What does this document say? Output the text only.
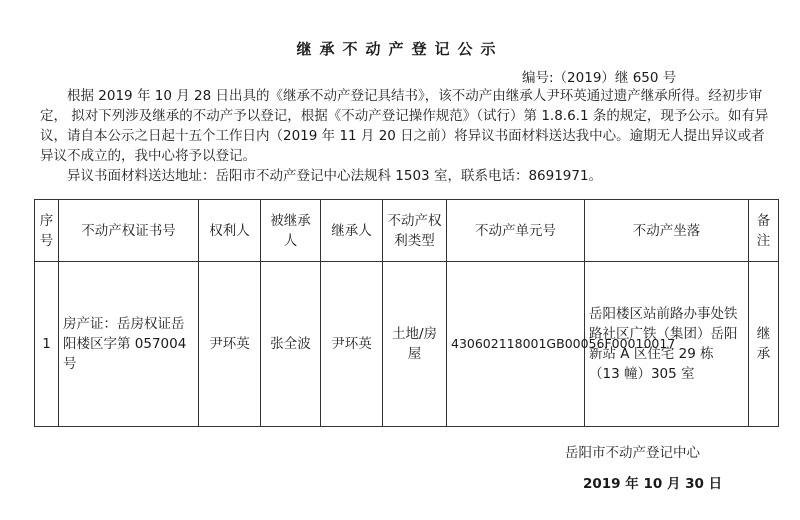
继承不动产登记公示
编号:（2019）继 650 号

根据 2019 年 10 月 28 日出具的《继承不动产登记具结书》，该不动产由继承人尹环英通过遗产继承所得。经初步审定， 拟对下列涉及继承的不动产予以登记，根据《不动产登记操作规范》（试行）第 1.8.6.1 条的规定，现予公示。如有异议，请自本公示之日起十五个工作日内（2019 年 11 月 20 日之前）将异议书面材料送达我中心。逾期无人提出异议或者异议不成立的，我中心将予以登记。

异议书面材料送达地址：岳阳市不动产登记中心法规科 1503 室，联系电话：8691971。

序号	不动产权证书号	权利人	被继承人	继承人	不动产权利类型	不动产单元号	不动产坐落	备注
1	房产证：岳房权证岳阳楼区字第 057004 号	尹环英	张全波	尹环英	土地/房屋	430602118001GB00056F00010017	岳阳楼区站前路办事处铁路社区广铁（集团）岳阳新站 A 区住宅 29 栋（13 幢）305 室	继承
岳阳市不动产登记中心
2019 年 10 月 30 日
